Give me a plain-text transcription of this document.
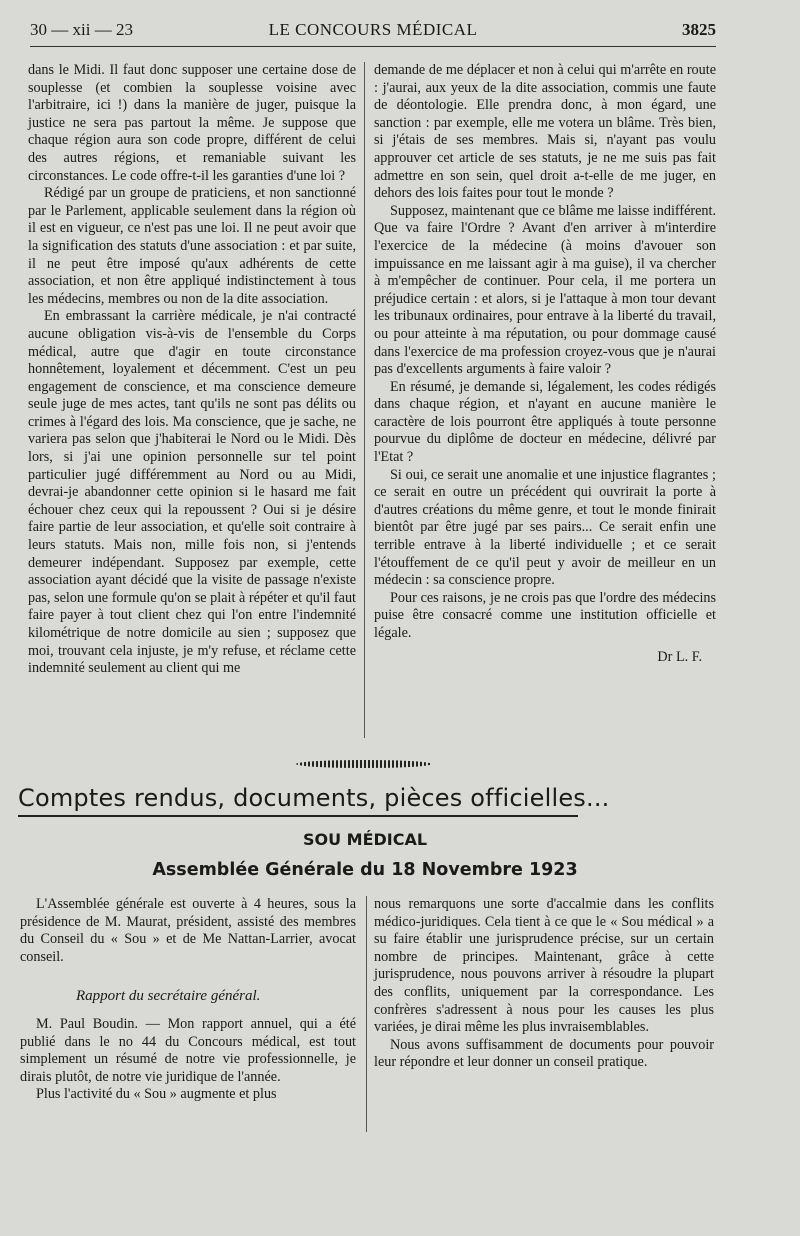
30 — xii — 23	LE CONCOURS MÉDICAL	3825

dans le Midi. Il faut donc supposer une certaine dose de souplesse (et combien la souplesse voisine avec l'arbitraire, ici !) dans la manière de juger, puisque la justice ne sera pas partout la même. Je suppose que chaque région aura son code propre, différent de celui des autres régions, et remaniable suivant les circonstances. Le code offre-t-il les garanties d'une loi ?

Rédigé par un groupe de praticiens, et non sanctionné par le Parlement, applicable seulement dans la région où il est en vigueur, ce n'est pas une loi. Il ne peut avoir que la signification des statuts d'une association : et par suite, il ne peut être imposé qu'aux adhérents de cette association, et non être appliqué indistinctement à tous les médecins, membres ou non de la dite association.

En embrassant la carrière médicale, je n'ai contracté aucune obligation vis-à-vis de l'ensemble du Corps médical, autre que d'agir en toute circonstance honnêtement, loyalement et décemment. C'est un peu engagement de conscience, et ma conscience demeure seule juge de mes actes, tant qu'ils ne sont pas délits ou crimes à l'égard des lois. Ma conscience, que je sache, ne variera pas selon que j'habiterai le Nord ou le Midi. Dès lors, si j'ai une opinion personnelle sur tel point particulier jugé différemment au Nord ou au Midi, devrai-je abandonner cette opinion si le hasard me fait échouer chez ceux qui la repoussent ? Oui si je désire faire partie de leur association, et qu'elle soit contraire à leurs statuts. Mais non, mille fois non, si j'entends demeurer indépendant. Supposez par exemple, cette association ayant décidé que la visite de passage n'existe pas, selon une formule qu'on se plait à répéter et qu'il faut faire payer à tout client chez qui l'on entre l'indemnité kilométrique de notre domicile au sien ; supposez que moi, trouvant cela injuste, je m'y refuse, et réclame cette indemnité seulement au client qui me

demande de me déplacer et non à celui qui m'arrête en route : j'aurai, aux yeux de la dite association, commis une faute de déontologie. Elle prendra donc, à mon égard, une sanction : par exemple, elle me votera un blâme. Très bien, si j'étais de ses membres. Mais si, n'ayant pas voulu approuver cet article de ses statuts, je ne me suis pas fait admettre en son sein, quel droit a-t-elle de me juger, en dehors des lois faites pour tout le monde ?

Supposez, maintenant que ce blâme me laisse indifférent. Que va faire l'Ordre ? Avant d'en arriver à m'interdire l'exercice de la médecine (à moins d'avouer son impuissance en me laissant agir à ma guise), il va chercher à m'empêcher de continuer. Pour cela, il me portera un préjudice certain : et alors, si je l'attaque à mon tour devant les tribunaux ordinaires, pour entrave à la liberté du travail, ou pour atteinte à ma réputation, ou pour dommage causé dans l'exercice de ma profession croyez-vous que je n'aurai pas d'excellents arguments à faire valoir ?

En résumé, je demande si, légalement, les codes rédigés dans chaque région, et n'ayant en aucune manière le caractère de lois pourront être appliqués à toute personne pourvue du diplôme de docteur en médecine, délivré par l'Etat ?

Si oui, ce serait une anomalie et une injustice flagrantes ; ce serait en outre un précédent qui ouvrirait la porte à d'autres créations du même genre, et tout le monde finirait bientôt par être jugé par ses pairs... Ce serait enfin une terrible entrave à la liberté individuelle ; et ce serait l'étouffement de ce qu'il peut y avoir de meilleur en un médecin : sa conscience propre.

Pour ces raisons, je ne crois pas que l'ordre des médecins puise être consacré comme une institution officielle et légale.

Dr L. F.
Comptes rendus, documents, pièces officielles...
SOU MÉDICAL
Assemblée Générale du 18 Novembre 1923

L'Assemblée générale est ouverte à 4 heures, sous la présidence de M. Maurat, président, assisté des membres du Conseil du « Sou » et de Me Nattan-Larrier, avocat conseil.

Rapport du secrétaire général.

M. Paul Boudin. — Mon rapport annuel, qui a été publié dans le no 44 du Concours médical, est tout simplement un résumé de notre vie professionnelle, je dirais plutôt, de notre vie juridique de l'année.

Plus l'activité du « Sou » augmente et plus

nous remarquons une sorte d'accalmie dans les conflits médico-juridiques. Cela tient à ce que le « Sou médical » a su faire établir une jurisprudence précise, sur un certain nombre de principes. Maintenant, grâce à cette jurisprudence, nous pouvons arriver à résoudre la plupart des conflits, uniquement par la correspondance. Les confrères s'adressent à nous pour les causes les plus variées, je dirai même les plus invraisemblables.

Nous avons suffisamment de documents pour pouvoir leur répondre et leur donner un conseil pratique.
